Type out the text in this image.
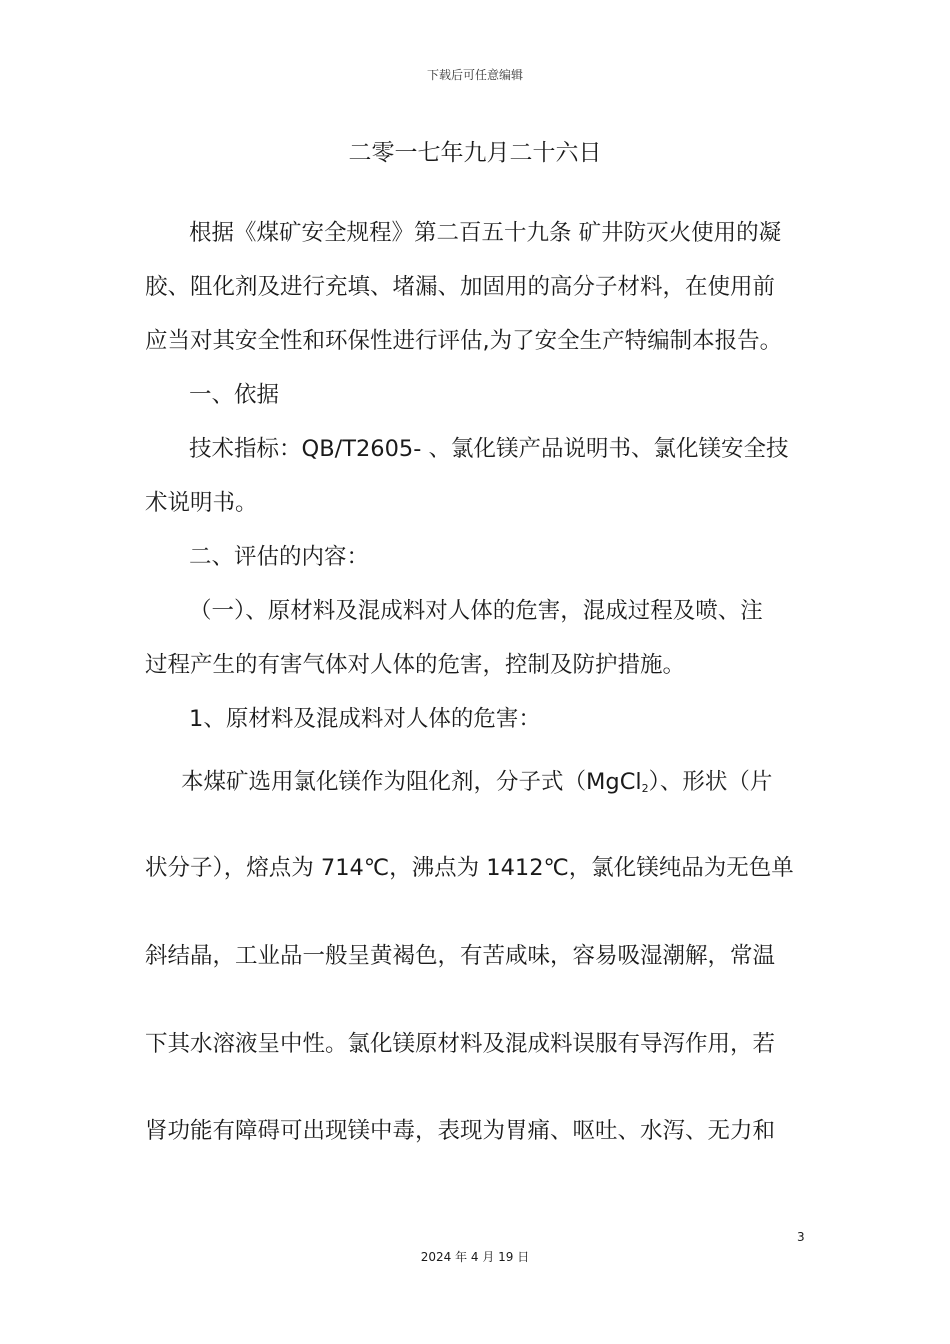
下载后可任意编辑
二零一七年九月二十六日
根据《煤矿安全规程》第二百五十九条 矿井防灭火使用的凝
胶、阻化剂及进行充填、堵漏、加固用的高分子材料，在使用前
应当对其安全性和环保性进行评估,为了安全生产特编制本报告。
一、依据
技术指标：QB/T2605- 、氯化镁产品说明书、氯化镁安全技
术说明书。
二、评估的内容：
（一）、原材料及混成料对人体的危害，混成过程及喷、注
过程产生的有害气体对人体的危害，控制及防护措施。
1、原材料及混成料对人体的危害：
本煤矿选用氯化镁作为阻化剂，分子式（MgCl$_2$）、形状（片
状分子），熔点为 714℃，沸点为 1412℃，氯化镁纯品为无色单
斜结晶，工业品一般呈黄褐色，有苦咸味，容易吸湿潮解，常温
下其水溶液呈中性。氯化镁原材料及混成料误服有导泻作用，若
肾功能有障碍可出现镁中毒，表现为胃痛、呕吐、水泻、无力和
3
2024 年 4 月 19 日
